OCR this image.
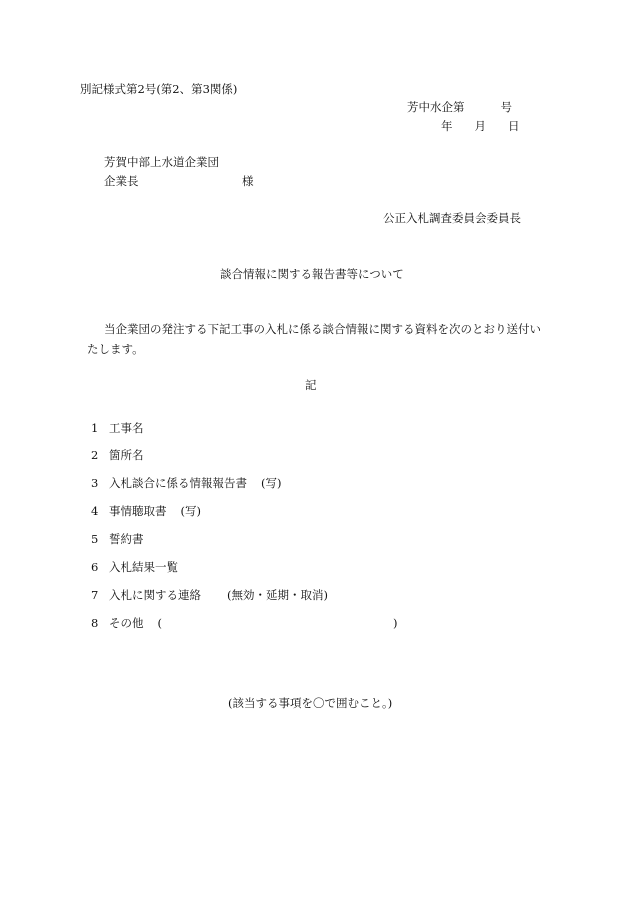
別記様式第2号(第2、第3関係)
芳中水企第	号
年 月 日
芳賀中部上水道企業団
企業長	様
公正入札調査委員会委員長
談合情報に関する報告書等について
当企業団の発注する下記工事の入札に係る談合情報に関する資料を次のとおり送付い
たします。
記
1 工事名
2 箇所名
3 入札談合に係る情報報告書 (写)
4 事情聴取書 (写)
5 誓約書
6 入札結果一覧
7 入札に関する連絡 (無効・延期・取消)
8 その他 (	)
(該当する事項を〇で囲むこと。)
